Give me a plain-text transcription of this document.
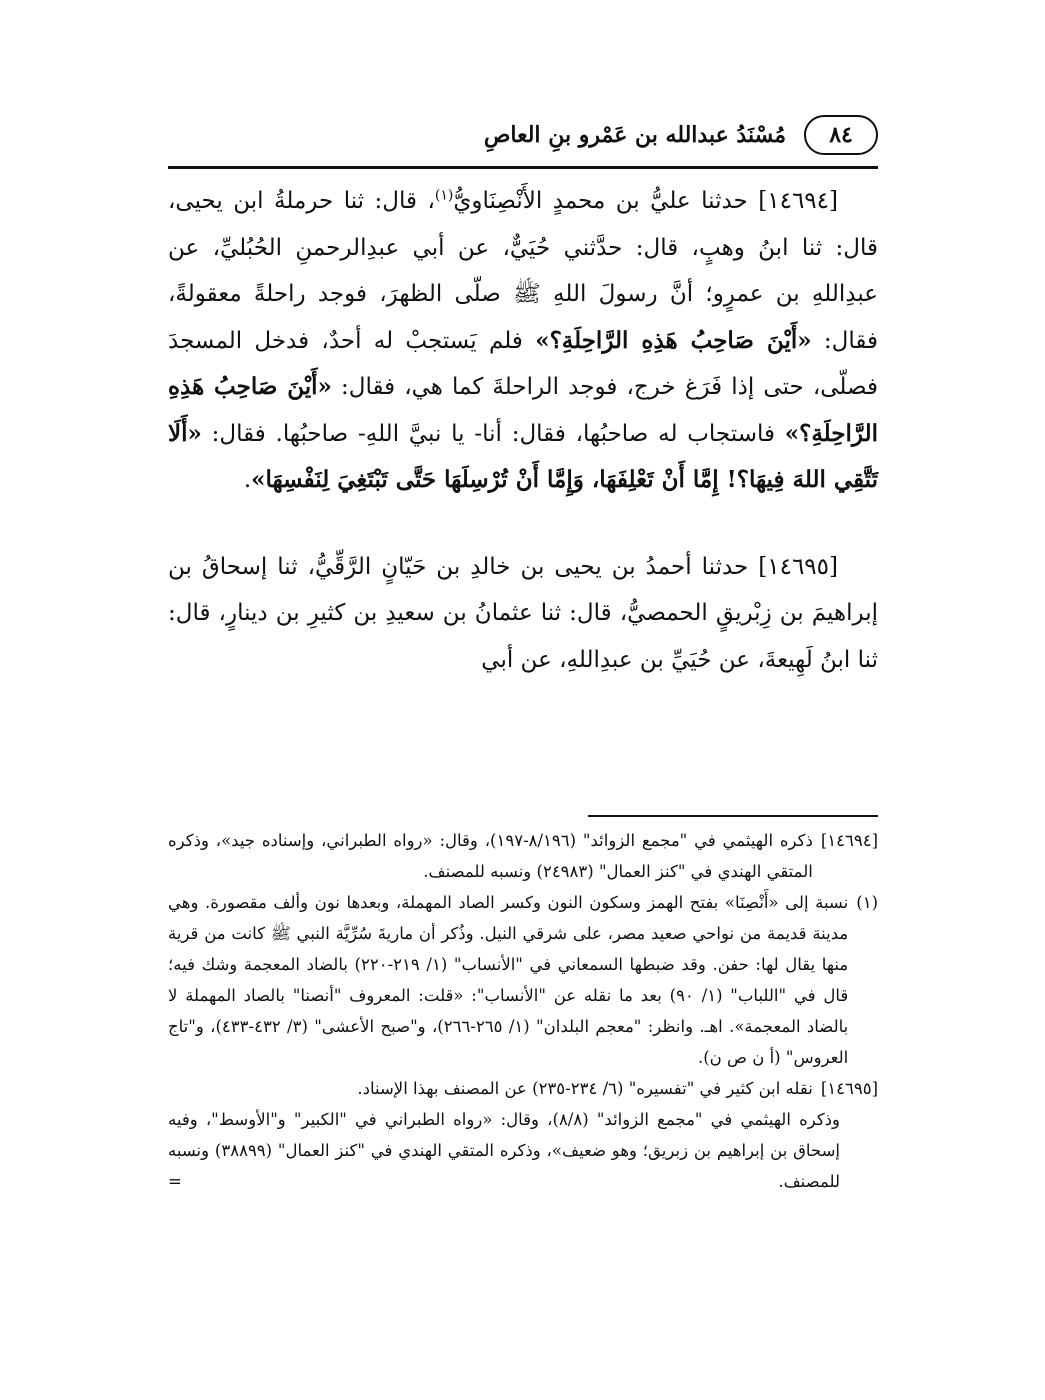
٨٤
مُسْنَدُ عبدالله بن عَمْرو بنِ العاصِ

[١٤٦٩٤] حدثنا عليُّ بن محمدٍ الأَنْصِنَاويُّ$^{(١)}$، قال: ثنا حرملةُ ابن يحيى، قال: ثنا ابنُ وهبٍ، قال: حدَّثني حُيَيٌّ، عن أبي عبدِالرحمنِ الحُبُليِّ، عن عبدِاللهِ بن عمرٍو؛ أنَّ رسولَ اللهِ ﷺ صلّى الظهرَ، فوجد راحلةً معقولةً، فقال: «أَيْنَ صَاحِبُ هَذِهِ الرَّاحِلَةِ؟» فلم يَستجبْ له أحدٌ، فدخل المسجدَ فصلّى، حتى إذا فَرَغ خرج، فوجد الراحلةَ كما هي، فقال: «أَيْنَ صَاحِبُ هَذِهِ الرَّاحِلَةِ؟» فاستجاب له صاحبُها، فقال: أنا- يا نبيَّ اللهِ- صاحبُها. فقال: «أَلَا تَتَّقِي اللهَ فِيهَا؟! إِمَّا أَنْ تَعْلِفَهَا، وَإِمَّا أَنْ تُرْسِلَهَا حَتَّى تَبْتَغِيَ لِنَفْسِهَا».

[١٤٦٩٥] حدثنا أحمدُ بن يحيى بن خالدِ بن حَيّانٍ الرَّقِّيُّ، ثنا إسحاقُ بن إبراهيمَ بن زِبْريقٍ الحمصيُّ، قال: ثنا عثمانُ بن سعيدِ بن كثيرِ بن دينارٍ، قال: ثنا ابنُ لَهِيعةَ، عن حُيَيِّ بن عبدِاللهِ، عن أبي

[١٤٦٩٤]
ذكره الهيثمي في "مجمع الزوائد" (٨/١٩٦-١٩٧)، وقال: «رواه الطبراني، وإسناده جيد»، وذكره المتقي الهندي في "كنز العمال" (٢٤٩٨٣) ونسبه للمصنف.
(١)
نسبة إلى «أَنْصِنَا» بفتح الهمز وسكون النون وكسر الصاد المهملة، وبعدها نون وألف مقصورة. وهي مدينة قديمة من نواحي صعيد مصر، على شرقي النيل. وذُكر أن ماريةَ سُرِّيَّة النبي ﷺ كانت من قرية منها يقال لها: حفن. وقد ضبطها السمعاني في "الأنساب" (١/ ٢١٩-٢٢٠) بالضاد المعجمة وشك فيه؛ قال في "اللباب" (١/ ٩٠) بعد ما نقله عن "الأنساب": «قلت: المعروف "أنصنا" بالصاد المهملة لا بالضاد المعجمة». اهـ. وانظر: "معجم البلدان" (١/ ٢٦٥-٢٦٦)، و"صبح الأعشى" (٣/ ٤٣٢-٤٣٣)، و"تاج العروس" (أ ن ص ن).
[١٤٦٩٥]
نقله ابن كثير في "تفسيره" (٦/ ٢٣٤-٢٣٥) عن المصنف بهذا الإسناد.
وذكره الهيثمي في "مجمع الزوائد" (٨/٨)، وقال: «رواه الطبراني في "الكبير" و"الأوسط"، وفيه إسحاق بن إبراهيم بن زبريق؛ وهو ضعيف»، وذكره المتقي الهندي في "كنز العمال" (٣٨٨٩٩) ونسبه للمصنف.
=
